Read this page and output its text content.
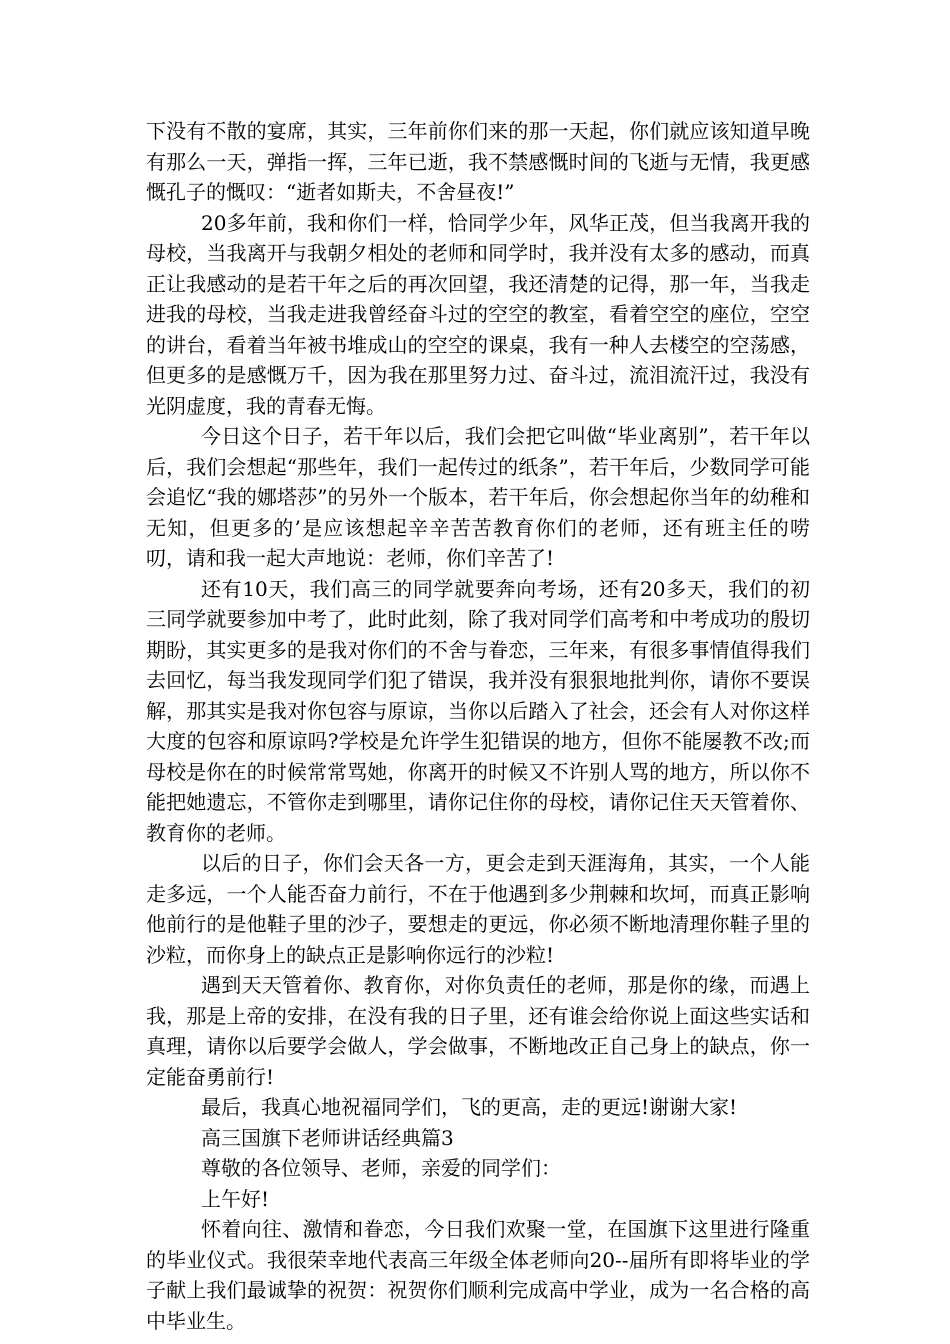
下没有不散的宴席，其实，三年前你们来的那一天起，你们就应该知道早晚有那么一天，弹指一挥，三年已逝，我不禁感慨时间的飞逝与无情，我更感慨孔子的慨叹：“逝者如斯夫，不舍昼夜!”

20多年前，我和你们一样，恰同学少年，风华正茂，但当我离开我的母校，当我离开与我朝夕相处的老师和同学时，我并没有太多的感动，而真正让我感动的是若干年之后的再次回望，我还清楚的记得，那一年，当我走进我的母校，当我走进我曾经奋斗过的空空的教室，看着空空的座位，空空的讲台，看着当年被书堆成山的空空的课桌，我有一种人去楼空的空荡感，但更多的是感慨万千，因为我在那里努力过、奋斗过，流泪流汗过，我没有光阴虚度，我的青春无悔。

今日这个日子，若干年以后，我们会把它叫做“毕业离别”，若干年以后，我们会想起“那些年，我们一起传过的纸条”，若干年后，少数同学可能会追忆“我的娜塔莎”的另外一个版本，若干年后，你会想起你当年的幼稚和无知，但更多的’是应该想起辛辛苦苦教育你们的老师，还有班主任的唠叨，请和我一起大声地说：老师，你们辛苦了!

还有10天，我们高三的同学就要奔向考场，还有20多天，我们的初三同学就要参加中考了，此时此刻，除了我对同学们高考和中考成功的殷切期盼，其实更多的是我对你们的不舍与眷恋，三年来，有很多事情值得我们去回忆，每当我发现同学们犯了错误，我并没有狠狠地批判你，请你不要误解，那其实是我对你包容与原谅，当你以后踏入了社会，还会有人对你这样大度的包容和原谅吗?学校是允许学生犯错误的地方，但你不能屡教不改;而母校是你在的时候常常骂她，你离开的时候又不许别人骂的地方，所以你不能把她遗忘，不管你走到哪里，请你记住你的母校，请你记住天天管着你、教育你的老师。

以后的日子，你们会天各一方，更会走到天涯海角，其实，一个人能走多远，一个人能否奋力前行，不在于他遇到多少荆棘和坎坷，而真正影响他前行的是他鞋子里的沙子，要想走的更远，你必须不断地清理你鞋子里的沙粒，而你身上的缺点正是影响你远行的沙粒!

遇到天天管着你、教育你，对你负责任的老师，那是你的缘，而遇上我，那是上帝的安排，在没有我的日子里，还有谁会给你说上面这些实话和真理，请你以后要学会做人，学会做事，不断地改正自己身上的缺点，你一定能奋勇前行!

最后，我真心地祝福同学们，飞的更高，走的更远!谢谢大家!

高三国旗下老师讲话经典篇3

尊敬的各位领导、老师，亲爱的同学们：

上午好!

怀着向往、激情和眷恋，今日我们欢聚一堂，在国旗下这里进行隆重的毕业仪式。我很荣幸地代表高三年级全体老师向20--届所有即将毕业的学子献上我们最诚挚的祝贺：祝贺你们顺利完成高中学业，成为一名合格的高中毕业生。
